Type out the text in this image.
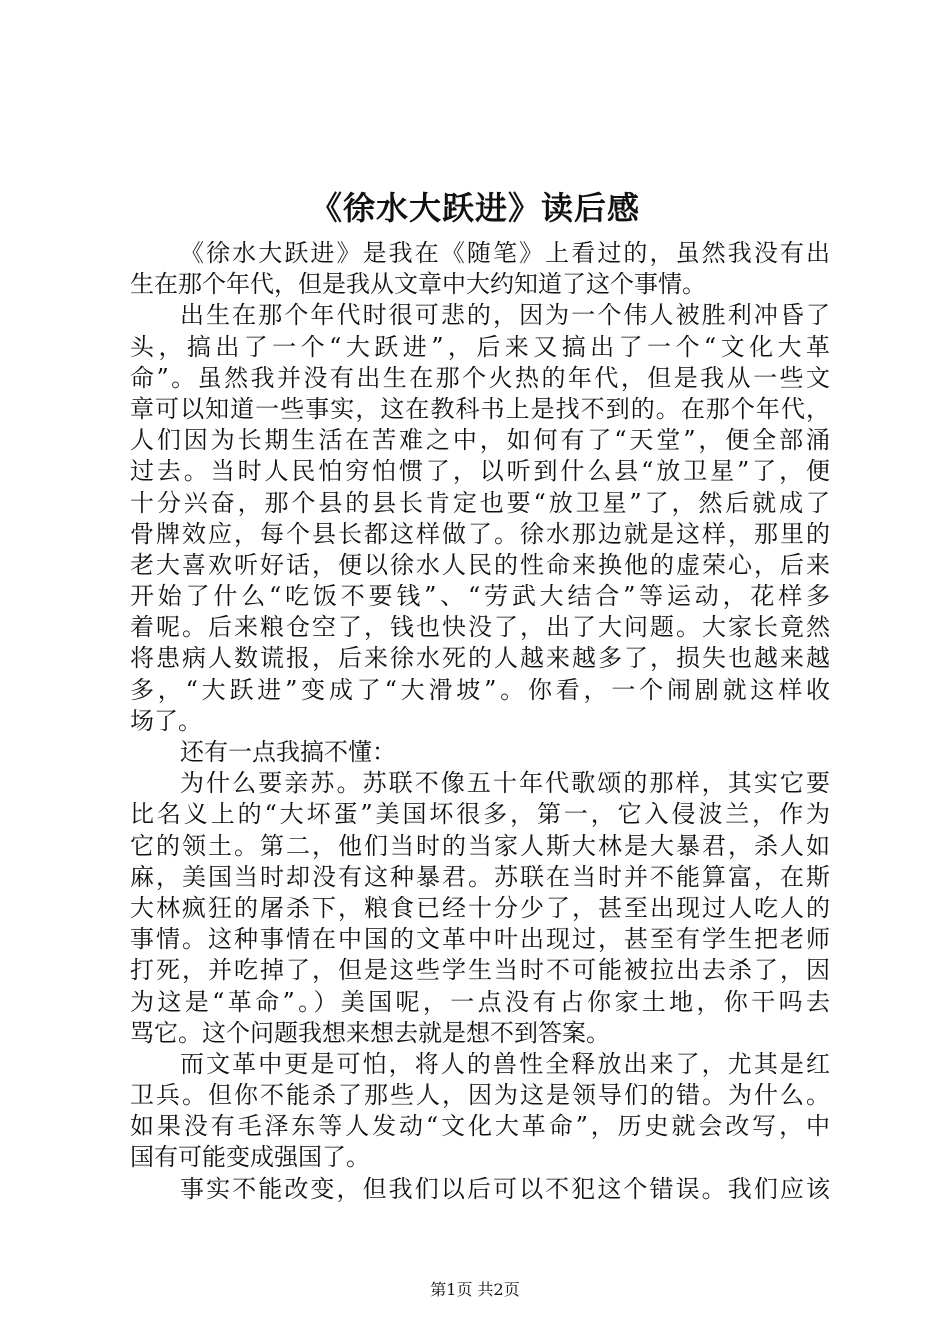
《徐水大跃进》读后感
《徐水大跃进》是我在《随笔》上看过的，虽然我没有出
生在那个年代，但是我从文章中大约知道了这个事情。
出生在那个年代时很可悲的，因为一个伟人被胜利冲昏了
头，搞出了一个“大跃进”，后来又搞出了一个“文化大革
命”。虽然我并没有出生在那个火热的年代，但是我从一些文
章可以知道一些事实，这在教科书上是找不到的。在那个年代，
人们因为长期生活在苦难之中，如何有了“天堂”，便全部涌
过去。当时人民怕穷怕惯了，以听到什么县“放卫星”了，便
十分兴奋，那个县的县长肯定也要“放卫星”了，然后就成了
骨牌效应，每个县长都这样做了。徐水那边就是这样，那里的
老大喜欢听好话，便以徐水人民的性命来换他的虚荣心，后来
开始了什么“吃饭不要钱”、“劳武大结合”等运动，花样多
着呢。后来粮仓空了，钱也快没了，出了大问题。大家长竟然
将患病人数谎报，后来徐水死的人越来越多了，损失也越来越
多，“大跃进”变成了“大滑坡”。你看，一个闹剧就这样收
场了。
还有一点我搞不懂：
为什么要亲苏。苏联不像五十年代歌颂的那样，其实它要
比名义上的“大坏蛋”美国坏很多，第一，它入侵波兰，作为
它的领土。第二，他们当时的当家人斯大林是大暴君，杀人如
麻，美国当时却没有这种暴君。苏联在当时并不能算富，在斯
大林疯狂的屠杀下，粮食已经十分少了，甚至出现过人吃人的
事情。这种事情在中国的文革中叶出现过，甚至有学生把老师
打死，并吃掉了，但是这些学生当时不可能被拉出去杀了，因
为这是“革命”。）美国呢，一点没有占你家土地，你干吗去
骂它。这个问题我想来想去就是想不到答案。
而文革中更是可怕，将人的兽性全释放出来了，尤其是红
卫兵。但你不能杀了那些人，因为这是领导们的错。为什么。
如果没有毛泽东等人发动“文化大革命”，历史就会改写，中
国有可能变成强国了。
事实不能改变，但我们以后可以不犯这个错误。我们应该
第1页 共2页
